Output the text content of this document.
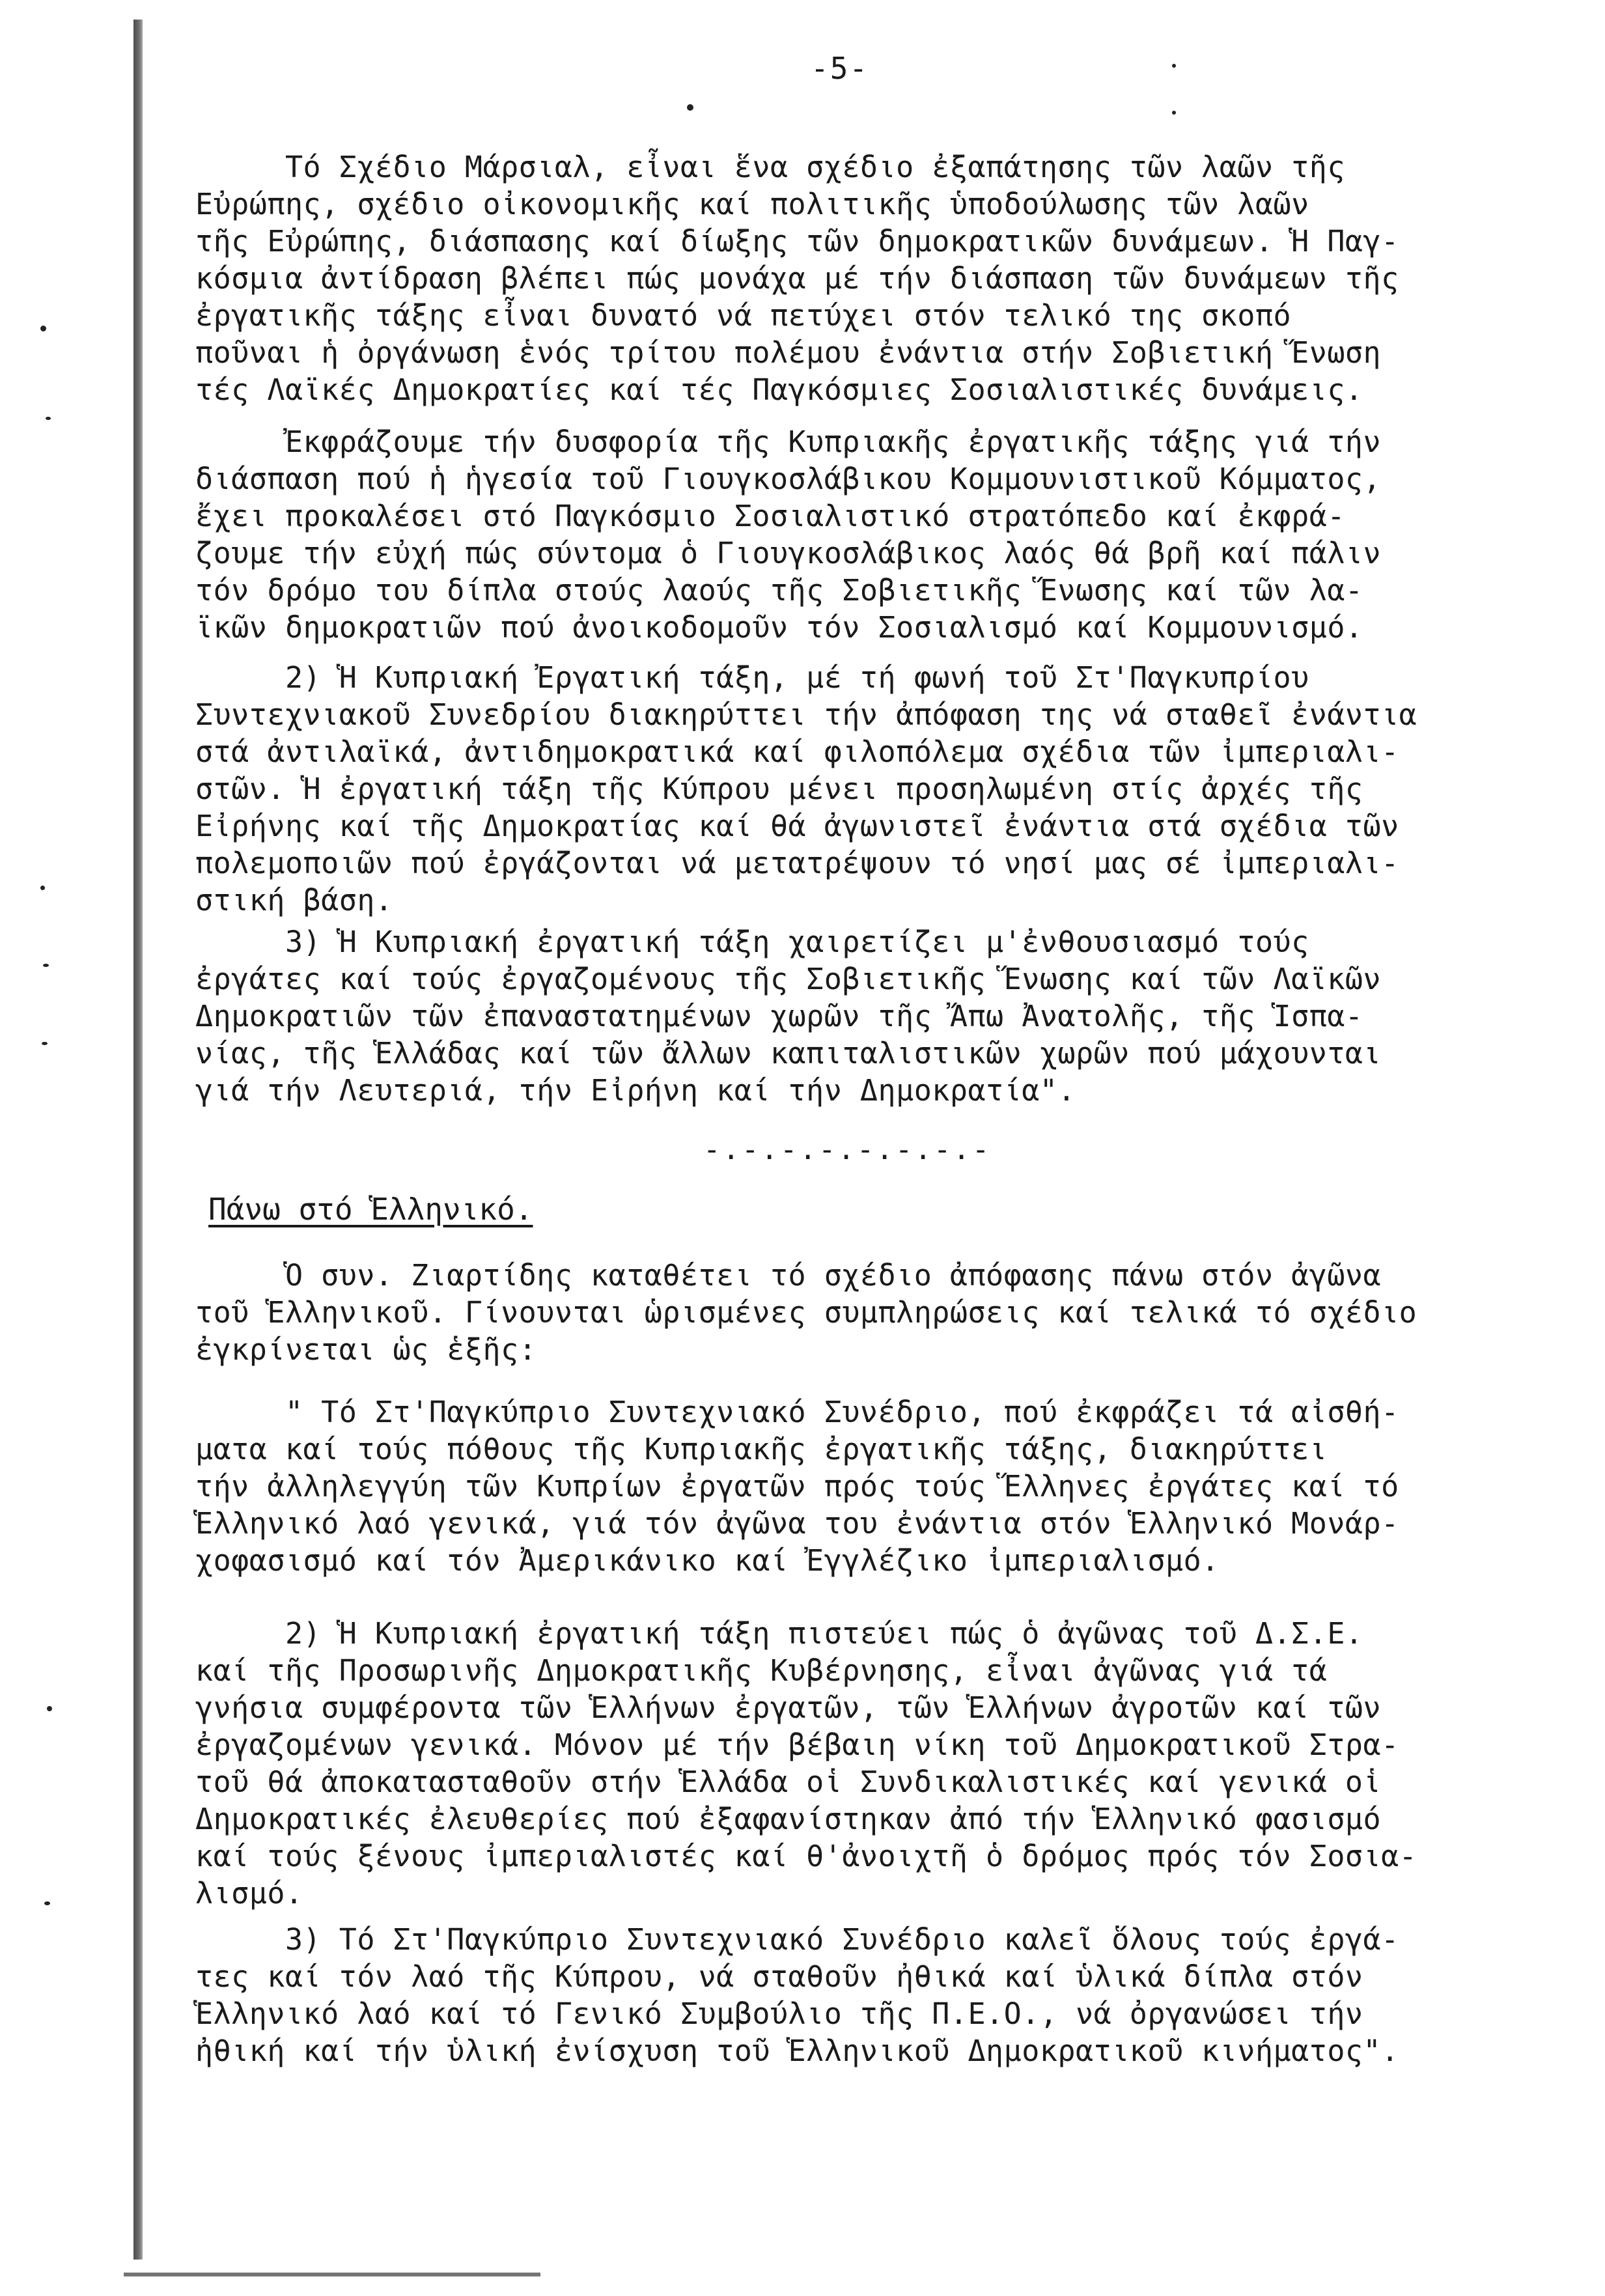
-5-
Τό Σχέδιο Μάρσιαλ, εἶναι ἕνα σχέδιο ἐξαπάτησης τῶν λαῶν τῆς
Εὐρώπης, σχέδιο οἰκονομικῆς καί πολιτικῆς ὑποδούλωσης τῶν λαῶν
τῆς Εὐρώπης, διάσπασης καί δίωξης τῶν δημοκρατικῶν δυνάμεων. Ἡ Παγ-
κόσμια ἀντίδραση βλέπει πώς μονάχα μέ τήν διάσπαση τῶν δυνάμεων τῆς
ἐργατικῆς τάξης εἶναι δυνατό νά πετύχει στόν τελικό της σκοπό
ποῦναι ἡ ὀργάνωση ἑνός τρίτου πολέμου ἐνάντια στήν Σοβιετική Ἕνωση
τές Λαϊκές Δημοκρατίες καί τές Παγκόσμιες Σοσιαλιστικές δυνάμεις.
Ἐκφράζουμε τήν δυσφορία τῆς Κυπριακῆς ἐργατικῆς τάξης γιά τήν
διάσπαση πού ἡ ἡγεσία τοῦ Γιουγκοσλάβικου Κομμουνιστικοῦ Κόμματος,
ἔχει προκαλέσει στό Παγκόσμιο Σοσιαλιστικό στρατόπεδο καί ἐκφρά-
ζουμε τήν εὐχή πώς σύντομα ὁ Γιουγκοσλάβικος λαός θά βρῆ καί πάλιν
τόν δρόμο του δίπλα στούς λαούς τῆς Σοβιετικῆς Ἕνωσης καί τῶν λα-
ϊκῶν δημοκρατιῶν πού ἀνοικοδομοῦν τόν Σοσιαλισμό καί Κομμουνισμό.
2) Ἡ Κυπριακή Ἐργατική τάξη, μέ τή φωνή τοῦ Στ'Παγκυπρίου
Συντεχνιακοῦ Συνεδρίου διακηρύττει τήν ἀπόφαση της νά σταθεῖ ἐνάντια
στά ἀντιλαϊκά, ἀντιδημοκρατικά καί φιλοπόλεμα σχέδια τῶν ἰμπεριαλι-
στῶν. Ἡ ἐργατική τάξη τῆς Κύπρου μένει προσηλωμένη στίς ἀρχές τῆς
Εἰρήνης καί τῆς Δημοκρατίας καί θά ἀγωνιστεῖ ἐνάντια στά σχέδια τῶν
πολεμοποιῶν πού ἐργάζονται νά μετατρέψουν τό νησί μας σέ ἰμπεριαλι-
στική βάση.
3) Ἡ Κυπριακή ἐργατική τάξη χαιρετίζει μ'ἐνθουσιασμό τούς
ἐργάτες καί τούς ἐργαζομένους τῆς Σοβιετικῆς Ἕνωσης καί τῶν Λαϊκῶν
Δημοκρατιῶν τῶν ἐπαναστατημένων χωρῶν τῆς Ἄπω Ἀνατολῆς, τῆς Ἱσπα-
νίας, τῆς Ἑλλάδας καί τῶν ἄλλων καπιταλιστικῶν χωρῶν πού μάχουνται
γιά τήν Λευτεριά, τήν Εἰρήνη καί τήν Δημοκρατία".
-.-.-.-.-.-.-.-
Πάνω στό Ἑλληνικό.
Ὁ συν. Ζιαρτίδης καταθέτει τό σχέδιο ἀπόφασης πάνω στόν ἀγῶνα
τοῦ Ἑλληνικοῦ. Γίνουνται ὡρισμένες συμπληρώσεις καί τελικά τό σχέδιο
ἐγκρίνεται ὡς ἑξῆς:
" Τό Στ'Παγκύπριο Συντεχνιακό Συνέδριο, πού ἐκφράζει τά αἰσθή-
ματα καί τούς πόθους τῆς Κυπριακῆς ἐργατικῆς τάξης, διακηρύττει
τήν ἀλληλεγγύη τῶν Κυπρίων ἐργατῶν πρός τούς Ἕλληνες ἐργάτες καί τό
Ἑλληνικό λαό γενικά, γιά τόν ἀγῶνα του ἐνάντια στόν Ἑλληνικό Μονάρ-
χοφασισμό καί τόν Ἀμερικάνικο καί Ἐγγλέζικο ἰμπεριαλισμό.
2) Ἡ Κυπριακή ἐργατική τάξη πιστεύει πώς ὁ ἀγῶνας τοῦ Δ.Σ.Ε.
καί τῆς Προσωρινῆς Δημοκρατικῆς Κυβέρνησης, εἶναι ἀγῶνας γιά τά
γνήσια συμφέροντα τῶν Ἑλλήνων ἐργατῶν, τῶν Ἑλλήνων ἀγροτῶν καί τῶν
ἐργαζομένων γενικά. Μόνον μέ τήν βέβαιη νίκη τοῦ Δημοκρατικοῦ Στρα-
τοῦ θά ἀποκατασταθοῦν στήν Ἑλλάδα οἱ Συνδικαλιστικές καί γενικά οἱ
Δημοκρατικές ἐλευθερίες πού ἐξαφανίστηκαν ἀπό τήν Ἑλληνικό φασισμό
καί τούς ξένους ἰμπεριαλιστές καί θ'ἀνοιχτῆ ὁ δρόμος πρός τόν Σοσια-
λισμό.
3) Τό Στ'Παγκύπριο Συντεχνιακό Συνέδριο καλεῖ ὅλους τούς ἐργά-
τες καί τόν λαό τῆς Κύπρου, νά σταθοῦν ἠθικά καί ὑλικά δίπλα στόν
Ἑλληνικό λαό καί τό Γενικό Συμβούλιο τῆς Π.Ε.Ο., νά ὀργανώσει τήν
ἠθική καί τήν ὑλική ἐνίσχυση τοῦ Ἑλληνικοῦ Δημοκρατικοῦ κινήματος".
